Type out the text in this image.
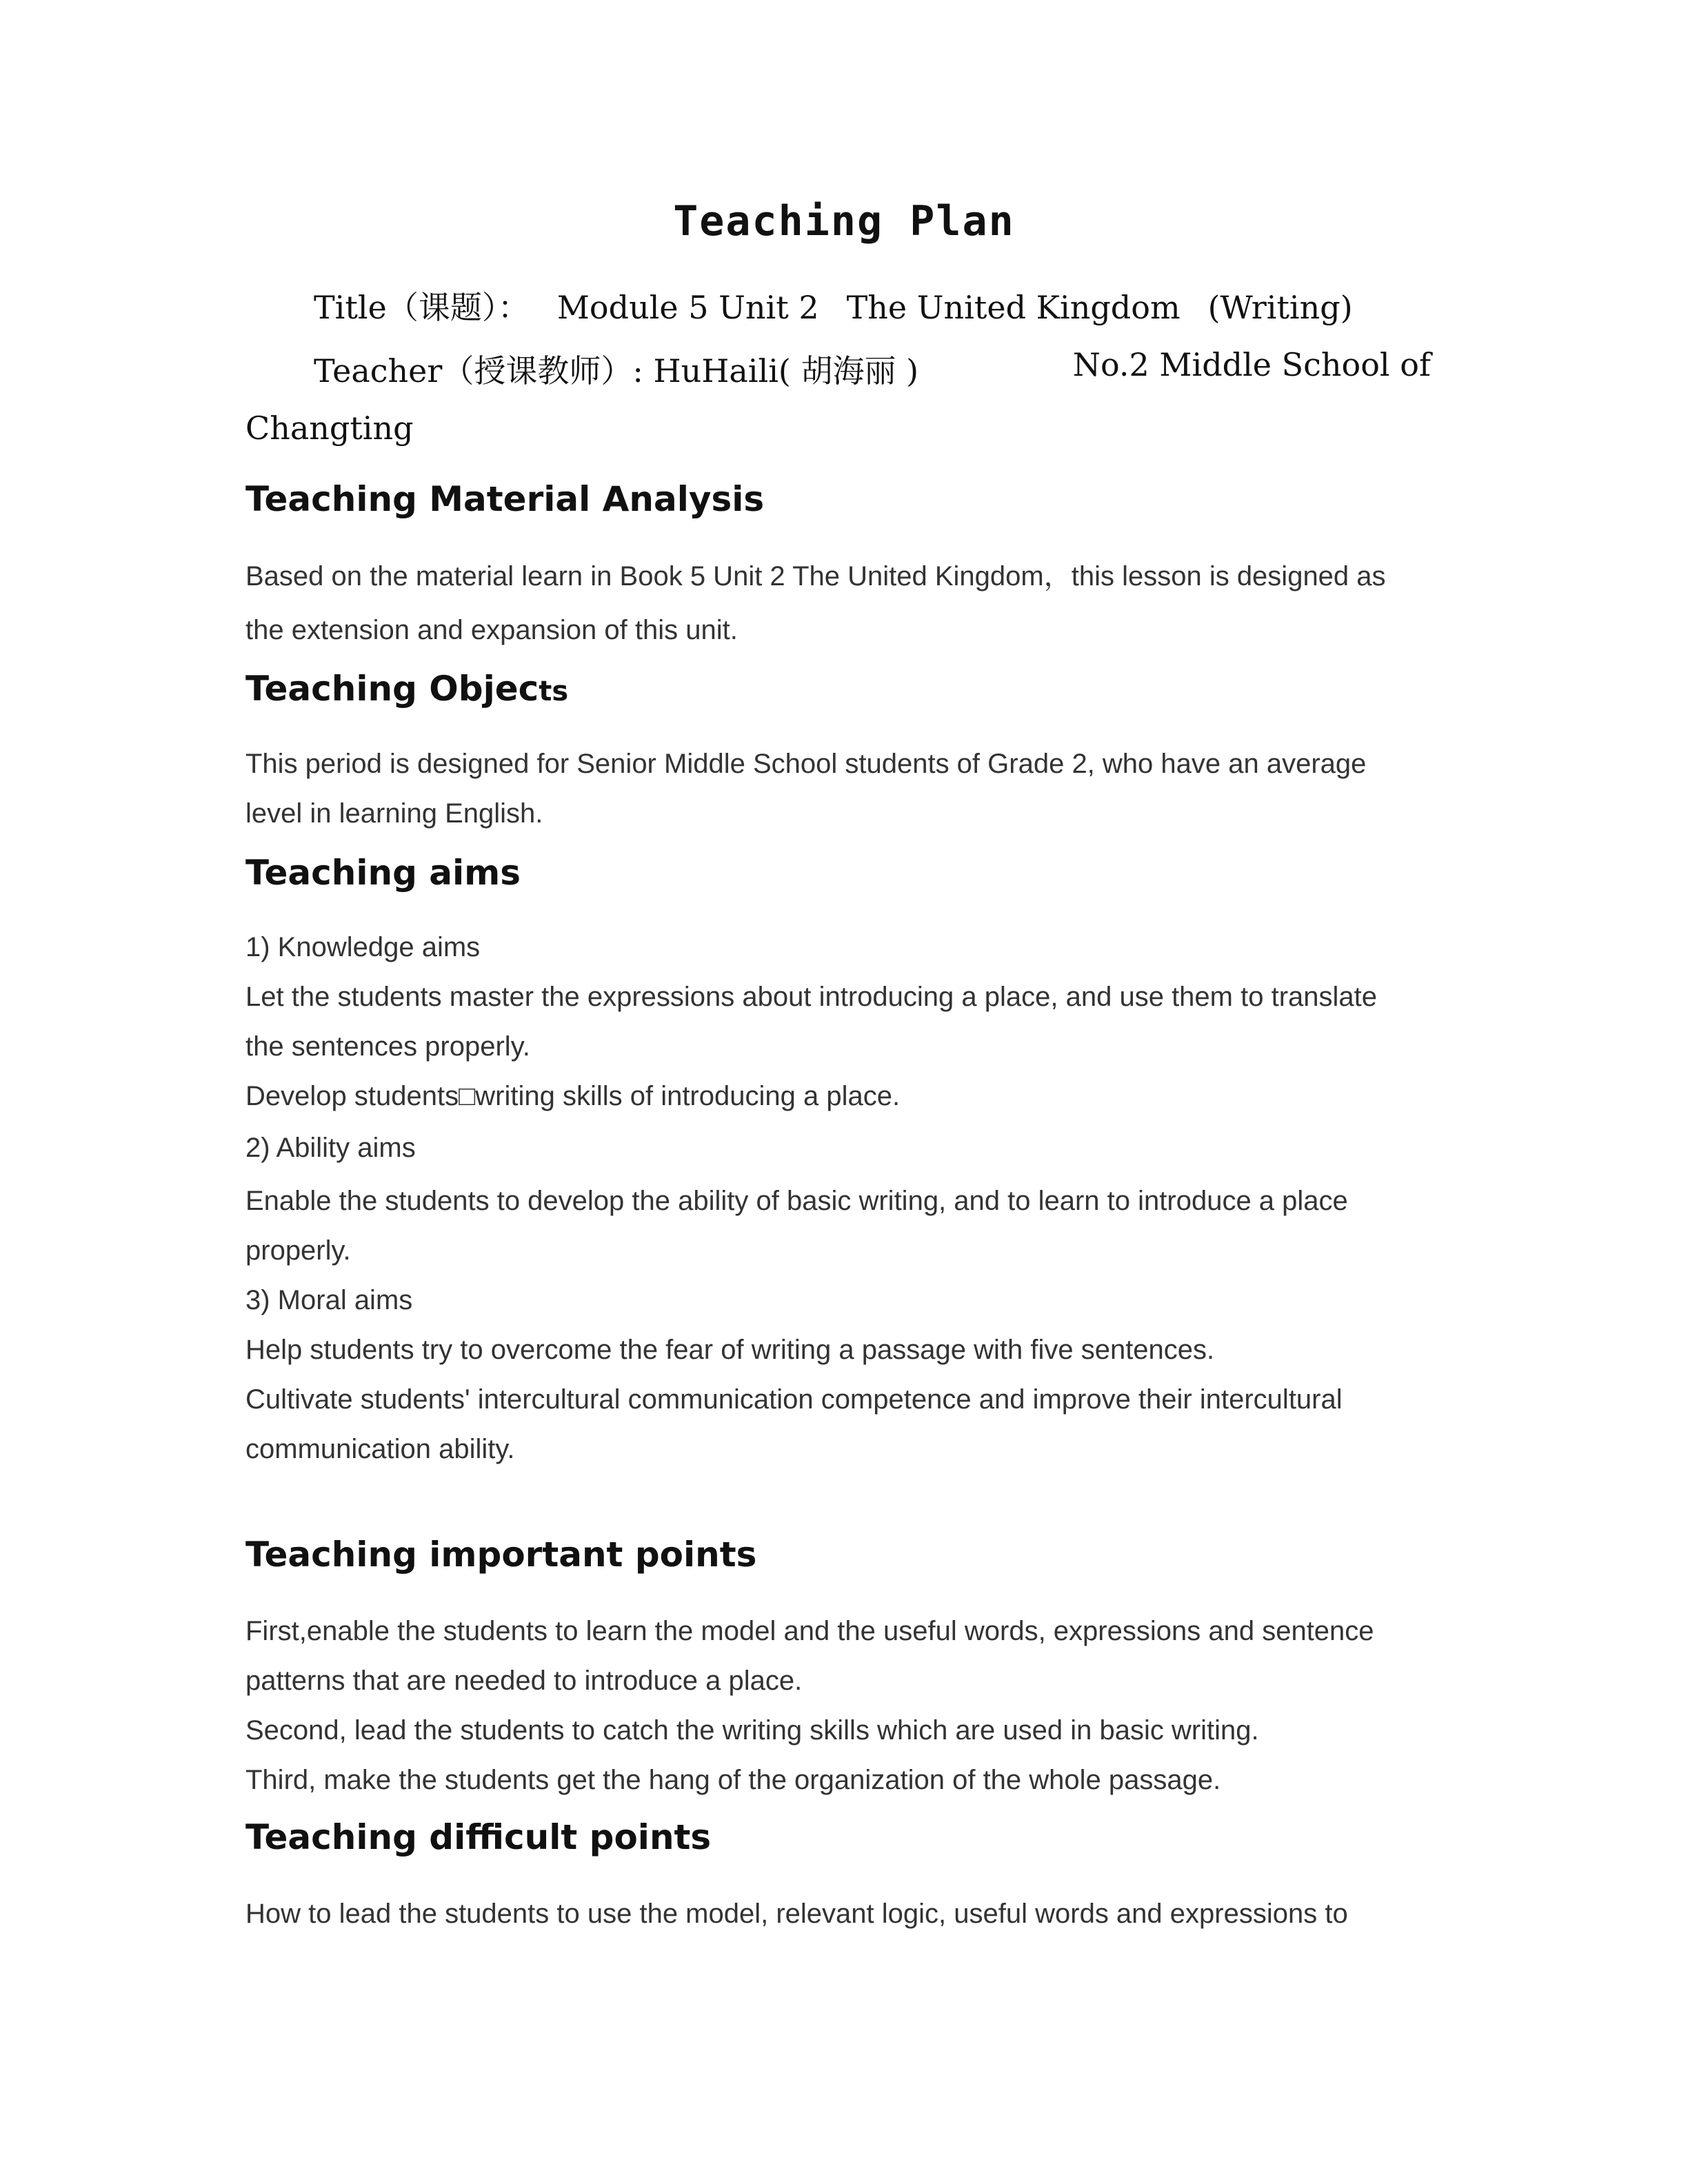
Teaching Plan
Title（课题）： Module 5 Unit 2 The United Kingdom (Writing)
Teacher（授课教师）: HuHaili( 胡海丽 )	No.2 Middle School of
Changting
Teaching Material Analysis

Based on the material learn in Book 5 Unit 2 The United Kingdom，this lesson is designed as

the extension and expansion of this unit.

Teaching Objects

This period is designed for Senior Middle School students of Grade 2, who have an average

level in learning English.

Teaching aims

1) Knowledge aims

Let the students master the expressions about introducing a place, and use them to translate

the sentences properly.

Develop students□writing skills of introducing a place.

2) Ability aims

Enable the students to develop the ability of basic writing, and to learn to introduce a place

properly.

3) Moral aims

Help students try to overcome the fear of writing a passage with five sentences.

Cultivate students' intercultural communication competence and improve their intercultural

communication ability.

Teaching important points

First,enable the students to learn the model and the useful words, expressions and sentence

patterns that are needed to introduce a place.

Second, lead the students to catch the writing skills which are used in basic writing.

Third, make the students get the hang of the organization of the whole passage.

Teaching difficult points

How to lead the students to use the model, relevant logic, useful words and expressions to
